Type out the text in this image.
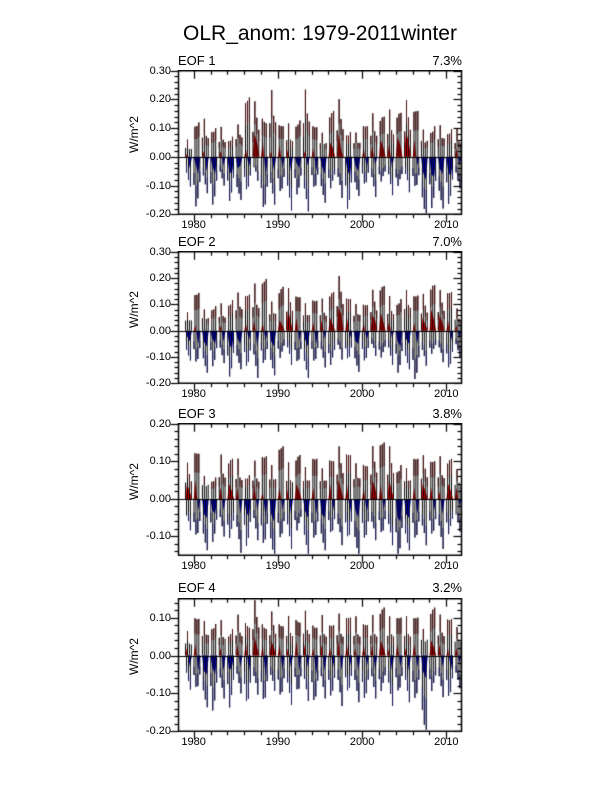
OLR_anom: 1979-2011winter
EOF 1	7.3%
W/m^2
0.30
0.20
0.10
0.00
-0.10
-0.20
1980	1990	2000	2010
EOF 2	7.0%
W/m^2
0.30
0.20
0.10
0.00
-0.10
-0.20
1980	1990	2000	2010
EOF 3	3.8%
W/m^2
0.20
0.10
0.00
-0.10
1980	1990	2000	2010
EOF 4	3.2%
W/m^2
0.10
0.00
-0.10
-0.20
1980	1990	2000	2010
